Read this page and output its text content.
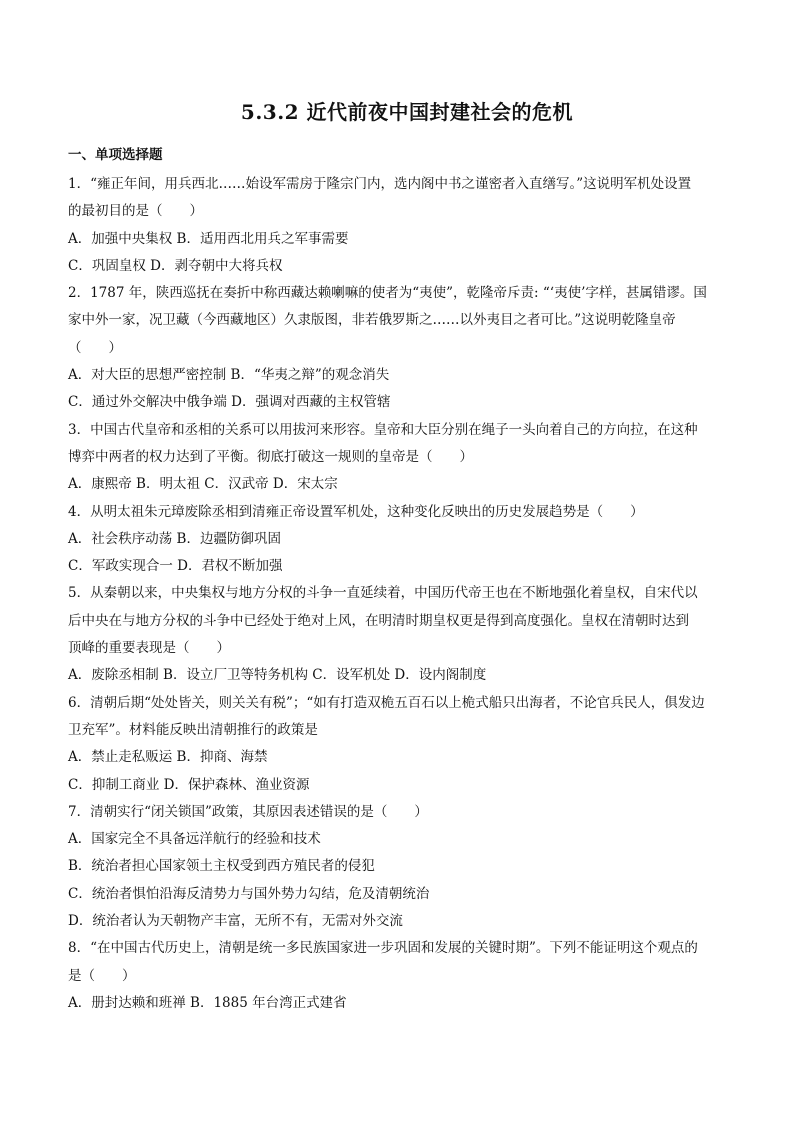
5.3.2 近代前夜中国封建社会的危机
一、单项选择题

1．“雍正年间，用兵西北……始设军需房于隆宗门内，选内阁中书之谨密者入直缮写。”这说明军机处设置

的最初目的是（　　）

A．加强中央集权 B．适用西北用兵之军事需要

C．巩固皇权 D．剥夺朝中大将兵权

2．1787 年，陕西巡抚在奏折中称西藏达赖喇嘛的使者为“夷使”，乾隆帝斥责: “‘夷使’字样，甚属错谬。国

家中外一家，况卫藏（今西藏地区）久隶版图，非若俄罗斯之……以外夷目之者可比。”这说明乾隆皇帝

（　　）

A．对大臣的思想严密控制 B．“华夷之辩”的观念消失

C．通过外交解决中俄争端 D．强调对西藏的主权管辖

3．中国古代皇帝和丞相的关系可以用拔河来形容。皇帝和大臣分别在绳子一头向着自己的方向拉，在这种

博弈中两者的权力达到了平衡。彻底打破这一规则的皇帝是（　　）

A．康熙帝 B．明太祖 C．汉武帝 D．宋太宗

4．从明太祖朱元璋废除丞相到清雍正帝设置军机处，这种变化反映出的历史发展趋势是（　　）

A．社会秩序动荡 B．边疆防御巩固

C．军政实现合一 D．君权不断加强

5．从秦朝以来，中央集权与地方分权的斗争一直延续着，中国历代帝王也在不断地强化着皇权，自宋代以

后中央在与地方分权的斗争中已经处于绝对上风，在明清时期皇权更是得到高度强化。皇权在清朝时达到

顶峰的重要表现是（　　）

A．废除丞相制 B．设立厂卫等特务机构 C．设军机处 D．设内阁制度

6．清朝后期“处处皆关，则关关有税”；“如有打造双桅五百石以上桅式船只出海者，不论官兵民人，俱发边

卫充军”。材料能反映出清朝推行的政策是

A．禁止走私贩运 B．抑商、海禁

C．抑制工商业 D．保护森林、渔业资源

7．清朝实行“闭关锁国”政策，其原因表述错误的是（　　）

A．国家完全不具备远洋航行的经验和技术

B．统治者担心国家领土主权受到西方殖民者的侵犯

C．统治者惧怕沿海反清势力与国外势力勾结，危及清朝统治

D．统治者认为天朝物产丰富，无所不有，无需对外交流

8．“在中国古代历史上，清朝是统一多民族国家进一步巩固和发展的关键时期”。下列不能证明这个观点的

是（　　）

A．册封达赖和班禅 B．1885 年台湾正式建省
